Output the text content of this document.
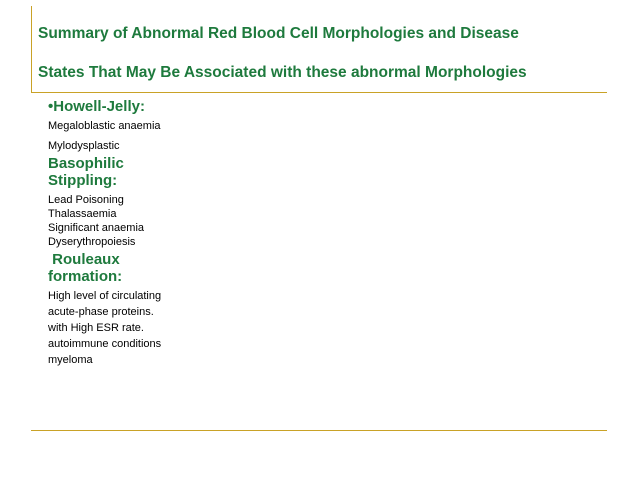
Summary of Abnormal Red Blood Cell Morphologies and Disease
States That May Be Associated with these abnormal Morphologies
•Howell-Jelly:
Megaloblastic anaemia
Mylodysplastic
Basophilic
Stippling:
Lead Poisoning
Thalassaemia
Significant anaemia
Dyserythropoiesis
Rouleaux
formation:
High level of circulating
acute-phase proteins.
with High ESR rate.
autoimmune conditions
myeloma
